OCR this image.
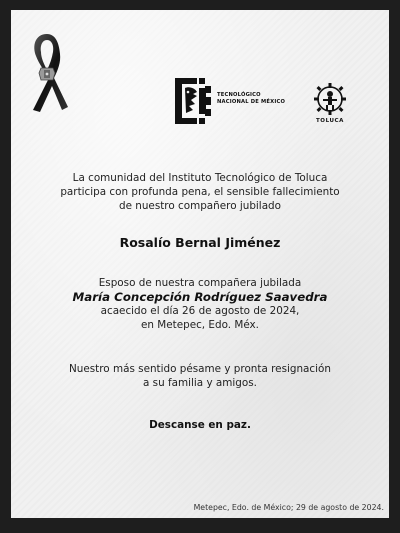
TECNOLÓGICO
NACIONAL DE MÉXICO
TOLUCA
La comunidad del Instituto Tecnológico de Toluca
participa con profunda pena, el sensible fallecimiento
de nuestro compañero jubilado
Rosalío Bernal Jiménez
Esposo de nuestra compañera jubilada
María Concepción Rodríguez Saavedra
acaecido el día 26 de agosto de 2024,
en Metepec, Edo. Méx.
Nuestro más sentido pésame y pronta resignación
a su familia y amigos.
Descanse en paz.
Metepec, Edo. de México; 29 de agosto de 2024.
